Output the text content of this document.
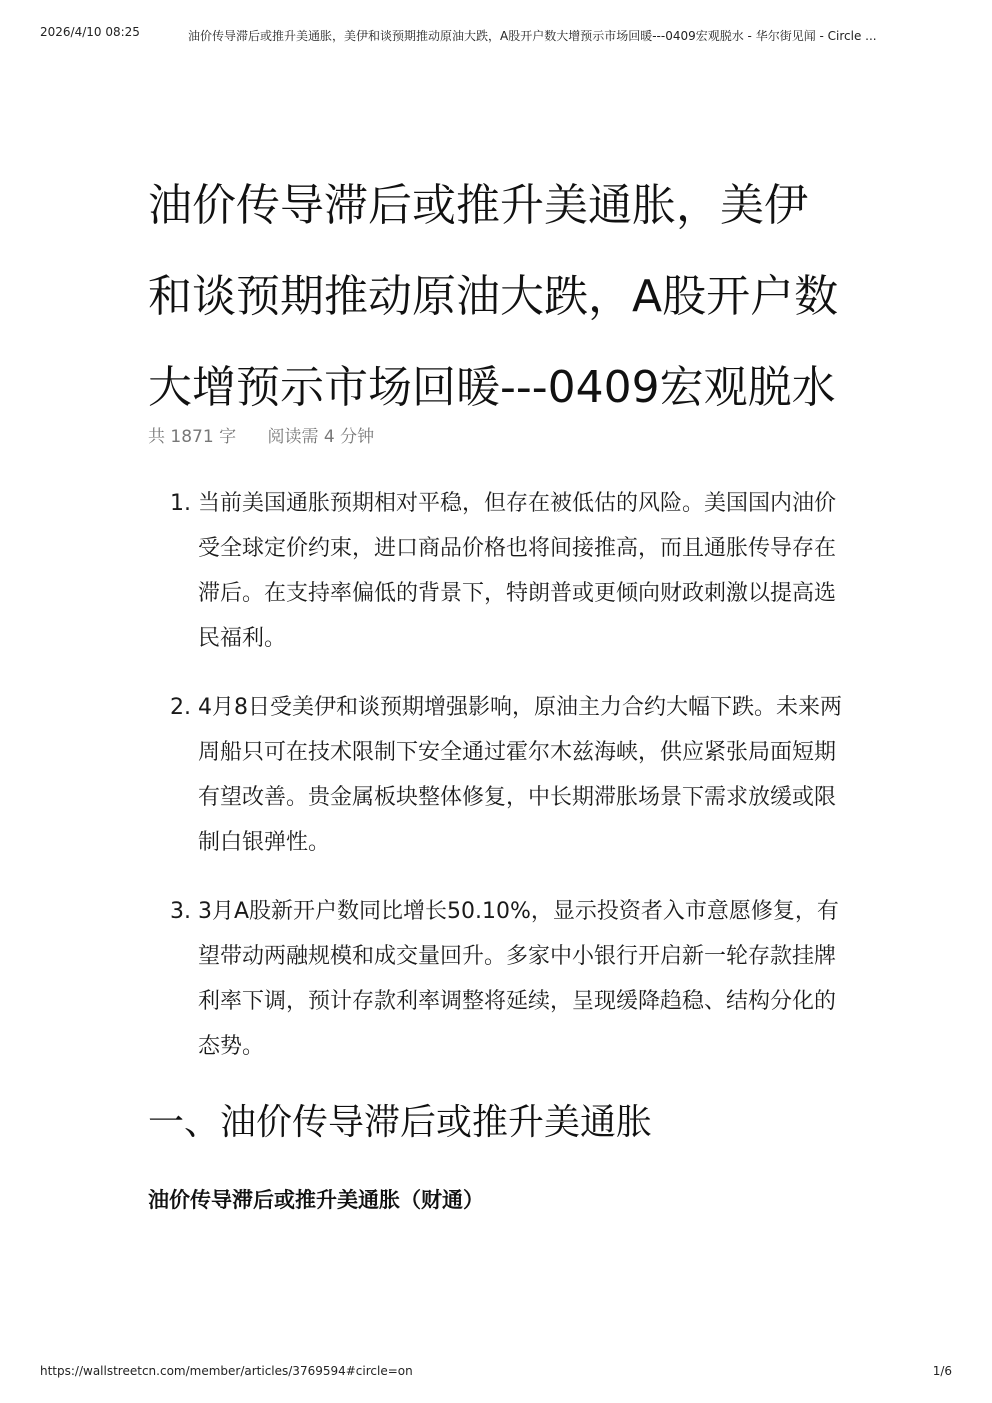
2026/4/10 08:25	油价传导滞后或推升美通胀，美伊和谈预期推动原油大跌，A股开户数大增预示市场回暖---0409宏观脱水 - 华尔街见闻 - Circle ...
油价传导滞后或推升美通胀，美伊和谈预期推动原油大跌，A股开户数大增预示市场回暖---0409宏观脱水
共 1871 字 阅读需 4 分钟
1. 当前美国通胀预期相对平稳，但存在被低估的风险。美国国内油价受全球定价约束，进口商品价格也将间接推高，而且通胀传导存在滞后。在支持率偏低的背景下，特朗普或更倾向财政刺激以提高选民福利。
2. 4月8日受美伊和谈预期增强影响，原油主力合约大幅下跌。未来两周船只可在技术限制下安全通过霍尔木兹海峡，供应紧张局面短期有望改善。贵金属板块整体修复，中长期滞胀场景下需求放缓或限制白银弹性。
3. 3月A股新开户数同比增长50.10%，显示投资者入市意愿修复，有望带动两融规模和成交量回升。多家中小银行开启新一轮存款挂牌利率下调，预计存款利率调整将延续，呈现缓降趋稳、结构分化的态势。
一、油价传导滞后或推升美通胀
油价传导滞后或推升美通胀（财通）
https://wallstreetcn.com/member/articles/3769594#circle=on	1/6
